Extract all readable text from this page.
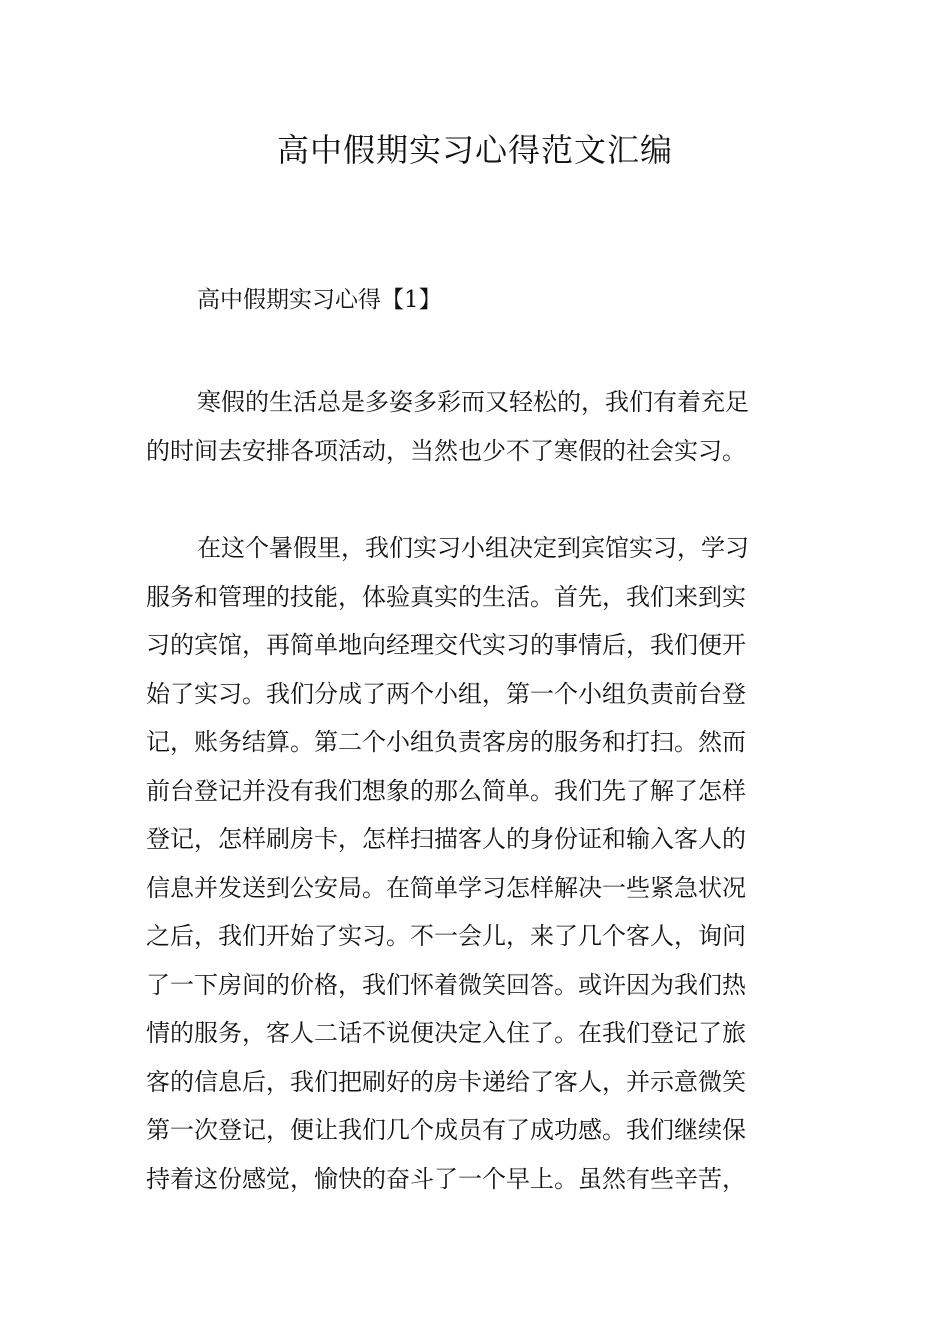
高中假期实习心得范文汇编
高中假期实习心得【1】

寒假的生活总是多姿多彩而又轻松的，我们有着充足
的时间去安排各项活动，当然也少不了寒假的社会实习。

在这个暑假里，我们实习小组决定到宾馆实习，学习
服务和管理的技能，体验真实的生活。首先，我们来到实
习的宾馆，再简单地向经理交代实习的事情后，我们便开
始了实习。我们分成了两个小组，第一个小组负责前台登
记，账务结算。第二个小组负责客房的服务和打扫。然而
前台登记并没有我们想象的那么简单。我们先了解了怎样
登记，怎样刷房卡，怎样扫描客人的身份证和输入客人的
信息并发送到公安局。在简单学习怎样解决一些紧急状况
之后，我们开始了实习。不一会儿，来了几个客人，询问
了一下房间的价格，我们怀着微笑回答。或许因为我们热
情的服务，客人二话不说便决定入住了。在我们登记了旅
客的信息后，我们把刷好的房卡递给了客人，并示意微笑
第一次登记，便让我们几个成员有了成功感。我们继续保
持着这份感觉，愉快的奋斗了一个早上。虽然有些辛苦，
